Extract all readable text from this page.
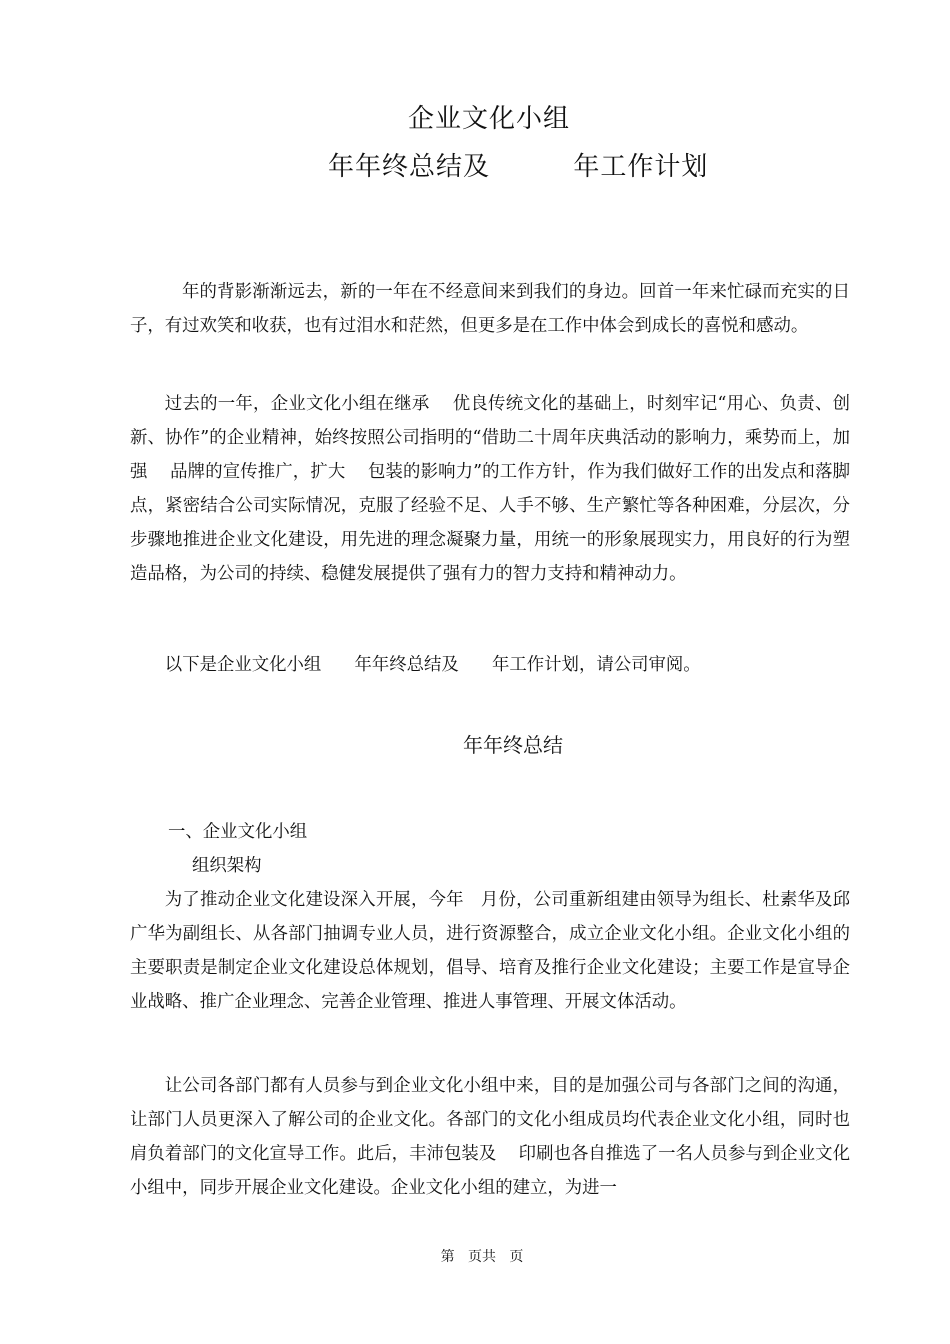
企业文化小组
年年终总结及         年工作计划

年的背影渐渐远去，新的一年在不经意间来到我们的身边。回首一年来忙碌而充实的日子，有过欢笑和收获，也有过泪水和茫然，但更多是在工作中体会到成长的喜悦和感动。

过去的一年，企业文化小组在继承    优良传统文化的基础上，时刻牢记“用心、负责、创新、协作”的企业精神，始终按照公司指明的“借助二十周年庆典活动的影响力，乘势而上，加强    品牌的宣传推广，扩大    包装的影响力”的工作方针，作为我们做好工作的出发点和落脚点，紧密结合公司实际情况，克服了经验不足、人手不够、生产繁忙等各种困难，分层次，分步骤地推进企业文化建设，用先进的理念凝聚力量，用统一的形象展现实力，用良好的行为塑造品格，为公司的持续、稳健发展提供了强有力的智力支持和精神动力。

以下是企业文化小组      年年终总结及      年工作计划，请公司审阅。

年年终总结
一、企业文化小组
组织架构

为了推动企业文化建设深入开展，今年   月份，公司重新组建由领导为组长、杜素华及邱广华为副组长、从各部门抽调专业人员，进行资源整合，成立企业文化小组。企业文化小组的主要职责是制定企业文化建设总体规划，倡导、培育及推行企业文化建设；主要工作是宣导企业战略、推广企业理念、完善企业管理、推进人事管理、开展文体活动。

让公司各部门都有人员参与到企业文化小组中来，目的是加强公司与各部门之间的沟通，让部门人员更深入了解公司的企业文化。各部门的文化小组成员均代表企业文化小组，同时也肩负着部门的文化宣导工作。此后，丰沛包装及    印刷也各自推选了一名人员参与到企业文化小组中，同步开展企业文化建设。企业文化小组的建立，为进一

第   页共   页
